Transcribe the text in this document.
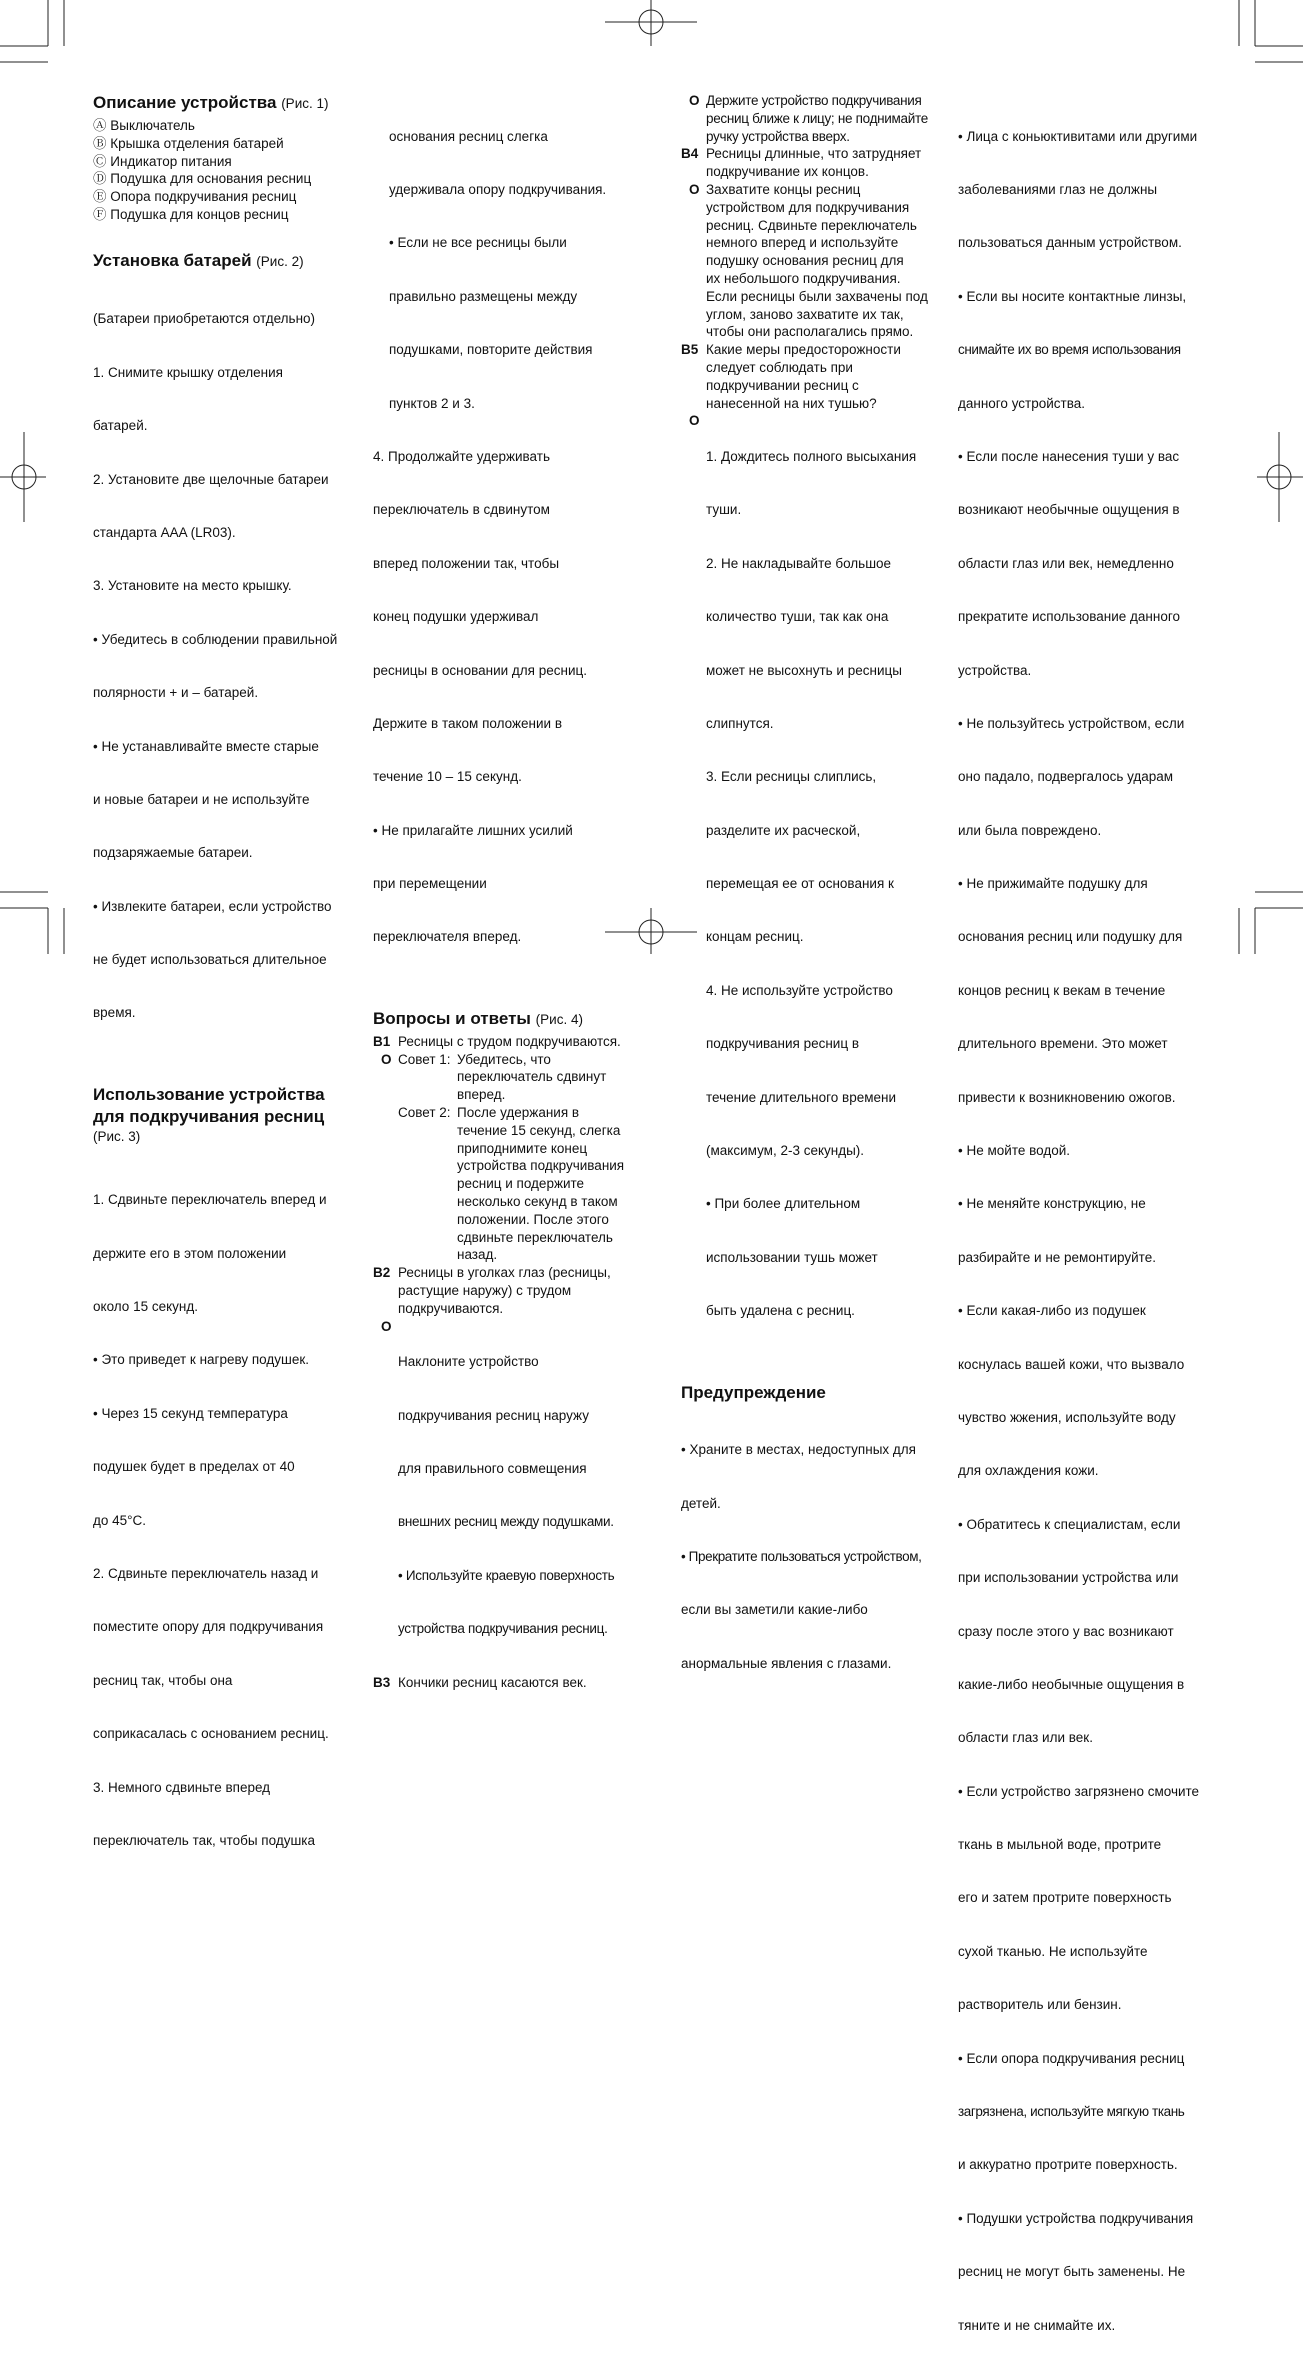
Описание устройства (Рис. 1)
Ⓐ Выключатель
Ⓑ Крышка отделения батарей
Ⓒ Индикатор питания
Ⓓ Подушка для основания ресниц
Ⓔ Опора подкручивания ресниц
Ⓕ Подушка для концов ресниц
Установка батарей (Рис. 2)

(Батареи приобретаются отдельно)

1. Снимите крышку отделения

батарей.

2. Установите две щелочные батареи

стандарта AAA (LR03).

3. Установите на место крышку.

• Убедитесь в соблюдении правильной

полярности + и – батарей.

• Не устанавливайте вместе старые

и новые батареи и не используйте

подзаряжаемые батареи.

• Извлеките батареи, если устройство

не будет использоваться длительное

время.

Использование устройства
для подкручивания ресниц
(Рис. 3)

1. Сдвиньте переключатель вперед и

держите его в этом положении

около 15 секунд.

• Это приведет к нагреву подушек.

• Через 15 секунд температура

подушек будет в пределах от 40

до 45°C.

2. Сдвиньте переключатель назад и

поместите опору для подкручивания

ресниц так, чтобы она

соприкасалась с основанием ресниц.

3. Немного сдвиньте вперед

переключатель так, чтобы подушка

основания ресниц слегка

удерживала опору подкручивания.

• Если не все ресницы были

правильно размещены между

подушками, повторите действия

пунктов 2 и 3.

4. Продолжайте удерживать

переключатель в сдвинутом

вперед положении так, чтобы

конец подушки удерживал

ресницы в основании для ресниц.

Держите в таком положении в

течение 10 – 15 секунд.

• Не прилагайте лишних усилий

при перемещении

переключателя вперед.

Вопросы и ответы (Рис. 4)
B1 Ресницы с трудом подкручиваются.
O Совет 1: Убедитесь, что
переключатель сдвинут
вперед.
Совет 2: После удержания в
течение 15 секунд, слегка
приподнимите конец
устройства подкручивания
ресниц и подержите
несколько секунд в таком
положении. После этого
сдвиньте переключатель
назад.
B2 Ресницы в уголках глаз (ресницы,
растущие наружу) с трудом
подкручиваются.
O

Наклоните устройство

подкручивания ресниц наружу

для правильного совмещения

внешних ресниц между подушками.

• Используйте краевую поверхность

устройства подкручивания ресниц.

B3 Кончики ресниц касаются век.
O Держите устройство подкручивания
ресниц ближе к лицу; не поднимайте
ручку устройства вверх.
B4 Ресницы длинные, что затрудняет
подкручивание их концов.
O Захватите концы ресниц
устройством для подкручивания
ресниц. Сдвиньте переключатель
немного вперед и используйте
подушку основания ресниц для
их небольшого подкручивания.
Если ресницы были захвачены под
углом, заново захватите их так,
чтобы они располагались прямо.
B5 Какие меры предосторожности
следует соблюдать при
подкручивании ресниц с
нанесенной на них тушью?
O

1. Дождитесь полного высыхания

туши.

2. Не накладывайте большое

количество туши, так как она

может не высохнуть и ресницы

слипнутся.

3. Если ресницы слиплись,

разделите их расческой,

перемещая ее от основания к

концам ресниц.

4. Не используйте устройство

подкручивания ресниц в

течение длительного времени

(максимум, 2-3 секунды).

• При более длительном

использовании тушь может

быть удалена с ресниц.

Предупреждение

• Храните в местах, недоступных для

детей.

• Прекратите пользоваться устройством,

если вы заметили какие-либо

анормальные явления с глазами.

• Лица с коньюктивитами или другими

заболеваниями глаз не должны

пользоваться данным устройством.

• Если вы носите контактные линзы,

снимайте их во время использования

данного устройства.

• Если после нанесения туши у вас

возникают необычные ощущения в

области глаз или век, немедленно

прекратите использование данного

устройства.

• Не пользуйтесь устройством, если

оно падало, подвергалось ударам

или была повреждено.

• Не прижимайте подушку для

основания ресниц или подушку для

концов ресниц к векам в течение

длительного времени. Это может

привести к возникновению ожогов.

• Не мойте водой.

• Не меняйте конструкцию, не

разбирайте и не ремонтируйте.

• Если какая-либо из подушек

коснулась вашей кожи, что вызвало

чувство жжения, используйте воду

для охлаждения кожи.

• Обратитесь к специалистам, если

при использовании устройства или

сразу после этого у вас возникают

какие-либо необычные ощущения в

области глаз или век.

• Если устройство загрязнено смочите

ткань в мыльной воде, протрите

его и затем протрите поверхность

сухой тканью. Не используйте

растворитель или бензин.

• Если опора подкручивания ресниц

загрязнена, используйте мягкую ткань

и аккуратно протрите поверхность.

• Подушки устройства подкручивания

ресниц не могут быть заменены. Не

тяните и не снимайте их.
